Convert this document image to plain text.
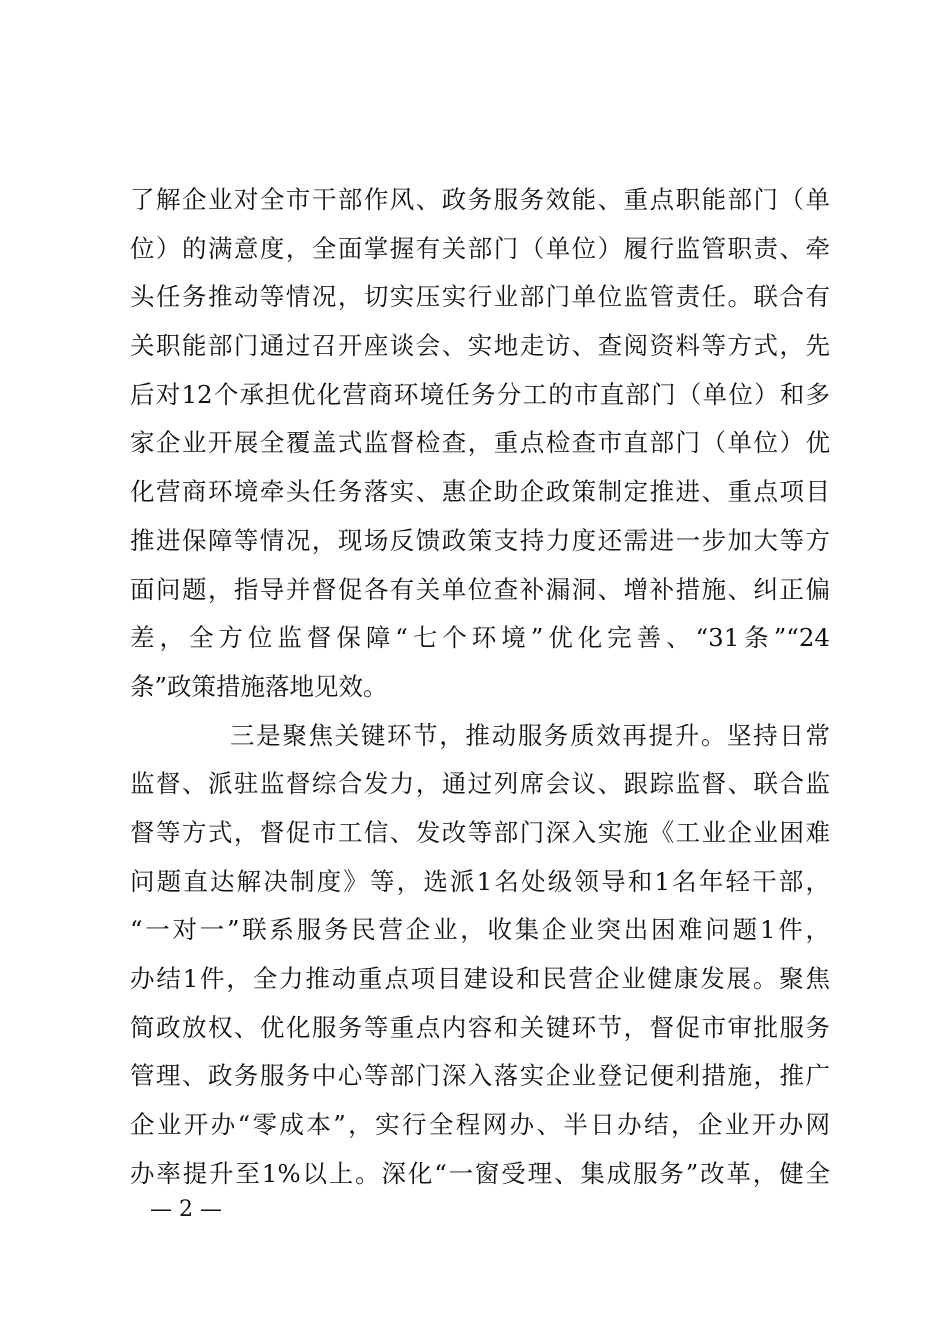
了解企业对全市干部作风、政务服务效能、重点职能部门（单
位）的满意度，全面掌握有关部门（单位）履行监管职责、牵
头任务推动等情况，切实压实行业部门单位监管责任。联合有
关职能部门通过召开座谈会、实地走访、查阅资料等方式，先
后对12个承担优化营商环境任务分工的市直部门（单位）和多
家企业开展全覆盖式监督检查，重点检查市直部门（单位）优
化营商环境牵头任务落实、惠企助企政策制定推进、重点项目
推进保障等情况，现场反馈政策支持力度还需进一步加大等方
面问题，指导并督促各有关单位查补漏洞、增补措施、纠正偏
差，全方位监督保障“七个环境”优化完善、“31条”“24
条”政策措施落地见效。
三是聚焦关键环节，推动服务质效再提升。坚持日常
监督、派驻监督综合发力，通过列席会议、跟踪监督、联合监
督等方式，督促市工信、发改等部门深入实施《工业企业困难
问题直达解决制度》等，选派1名处级领导和1名年轻干部，
“一对一”联系服务民营企业，收集企业突出困难问题1件，
办结1件，全力推动重点项目建设和民营企业健康发展。聚焦
简政放权、优化服务等重点内容和关键环节，督促市审批服务
管理、政务服务中心等部门深入落实企业登记便利措施，推广
企业开办“零成本”，实行全程网办、半日办结，企业开办网
办率提升至1%以上。深化“一窗受理、集成服务”改革，健全
— 2 —
